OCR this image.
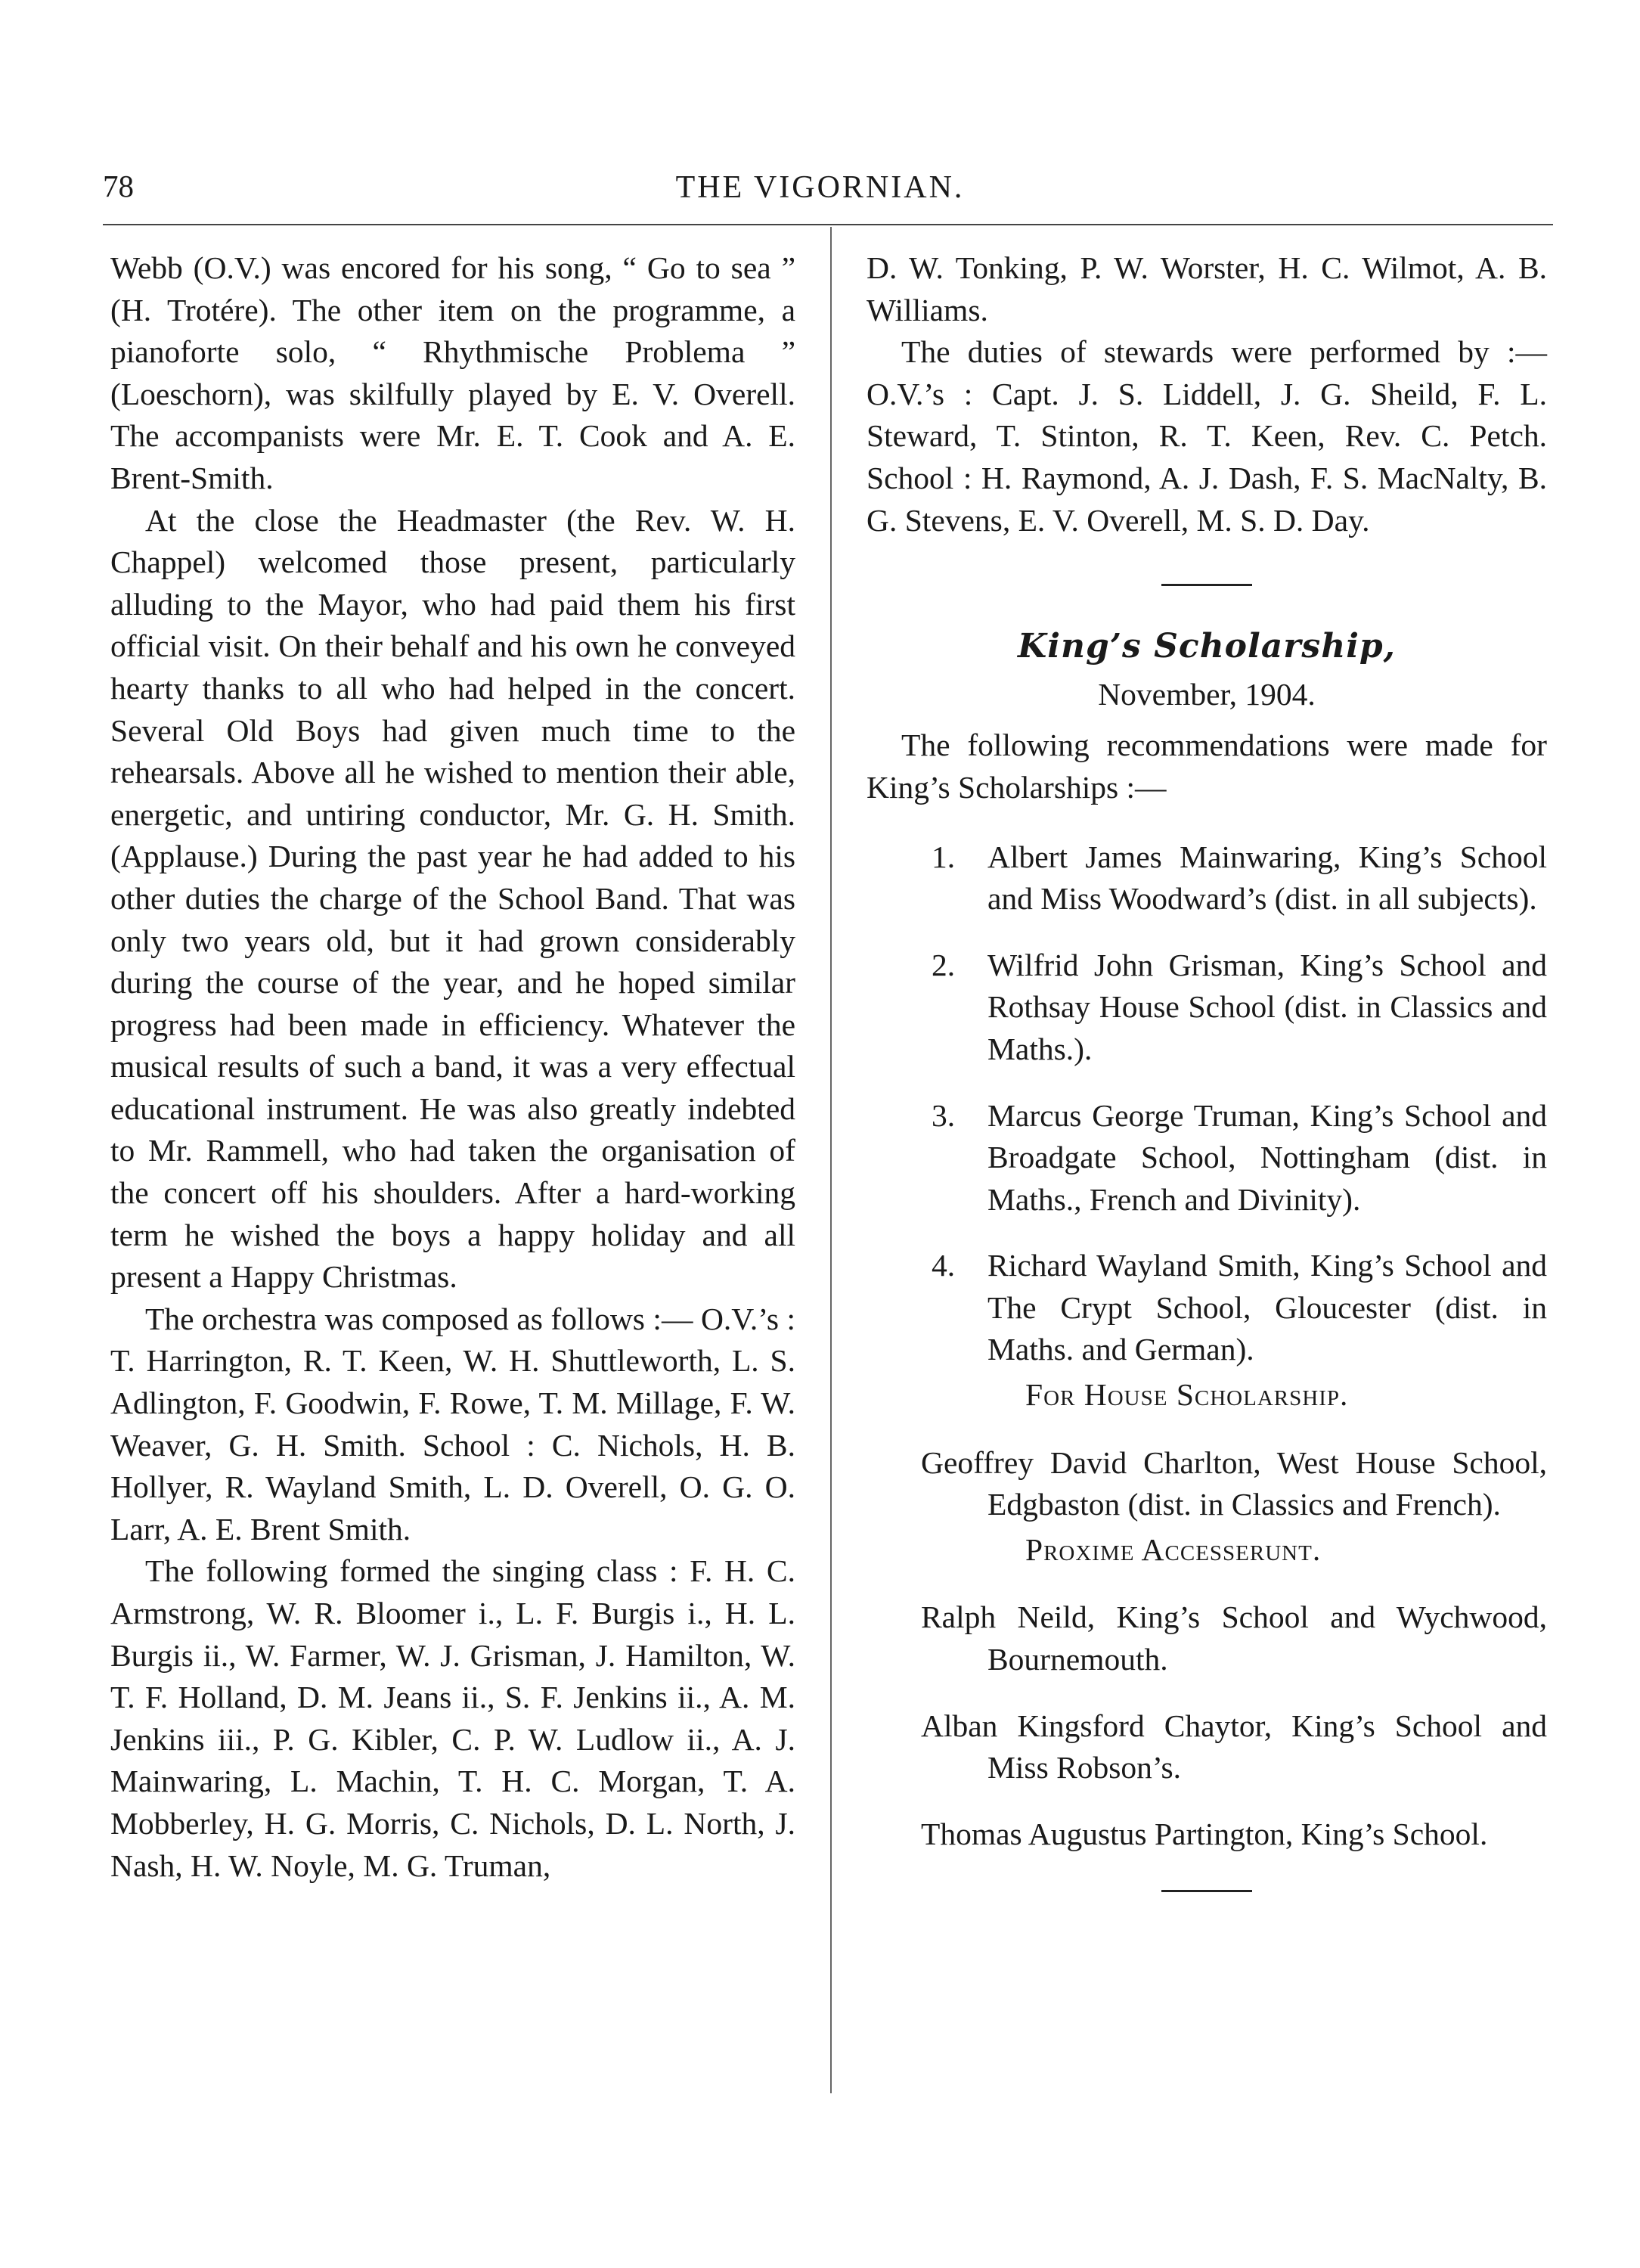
78	THE VIGORNIAN.

Webb (O.V.) was encored for his song, “ Go to sea ” (H. Trotére). The other item on the programme, a pianoforte solo, “ Rhythmische Problema ” (Loeschorn), was skilfully played by E. V. Overell. The accompanists were Mr. E. T. Cook and A. E. Brent-Smith.

At the close the Headmaster (the Rev. W. H. Chappel) welcomed those present, particularly alluding to the Mayor, who had paid them his first official visit. On their behalf and his own he conveyed hearty thanks to all who had helped in the concert. Several Old Boys had given much time to the rehearsals. Above all he wished to mention their able, energetic, and untiring conductor, Mr. G. H. Smith. (Applause.) During the past year he had added to his other duties the charge of the School Band. That was only two years old, but it had grown considerably during the course of the year, and he hoped similar progress had been made in efficiency. Whatever the musical results of such a band, it was a very effectual educational instrument. He was also greatly indebted to Mr. Rammell, who had taken the organisation of the concert off his shoulders. After a hard-working term he wished the boys a happy holiday and all present a Happy Christmas.

The orchestra was composed as follows :— O.V.’s : T. Harrington, R. T. Keen, W. H. Shuttleworth, L. S. Adlington, F. Goodwin, F. Rowe, T. M. Millage, F. W. Weaver, G. H. Smith. School : C. Nichols, H. B. Hollyer, R. Wayland Smith, L. D. Overell, O. G. O. Larr, A. E. Brent Smith.

The following formed the singing class : F. H. C. Armstrong, W. R. Bloomer i., L. F. Burgis i., H. L. Burgis ii., W. Farmer, W. J. Grisman, J. Hamilton, W. T. F. Holland, D. M. Jeans ii., S. F. Jenkins ii., A. M. Jenkins iii., P. G. Kibler, C. P. W. Ludlow ii., A. J. Mainwaring, L. Machin, T. H. C. Morgan, T. A. Mobberley, H. G. Morris, C. Nichols, D. L. North, J. Nash, H. W. Noyle, M. G. Truman,

D. W. Tonking, P. W. Worster, H. C. Wilmot, A. B. Williams.

The duties of stewards were performed by :— O.V.’s : Capt. J. S. Liddell, J. G. Sheild, F. L. Steward, T. Stinton, R. T. Keen, Rev. C. Petch. School : H. Raymond, A. J. Dash, F. S. MacNalty, B. G. Stevens, E. V. Overell, M. S. D. Day.

King’s Scholarship,
November, 1904.

The following recommendations were made for King’s Scholarships :—

1. Albert James Mainwaring, King’s School and Miss Woodward’s (dist. in all subjects).
2. Wilfrid John Grisman, King’s School and Rothsay House School (dist. in Classics and Maths.).
3. Marcus George Truman, King’s School and Broadgate School, Nottingham (dist. in Maths., French and Divinity).
4. Richard Wayland Smith, King’s School and The Crypt School, Gloucester (dist. in Maths. and German).
For House Scholarship.
Geoffrey David Charlton, West House School, Edgbaston (dist. in Classics and French).
Proxime Accesserunt.
Ralph Neild, King’s School and Wychwood, Bournemouth.
Alban Kingsford Chaytor, King’s School and Miss Robson’s.
Thomas Augustus Partington, King’s School.
